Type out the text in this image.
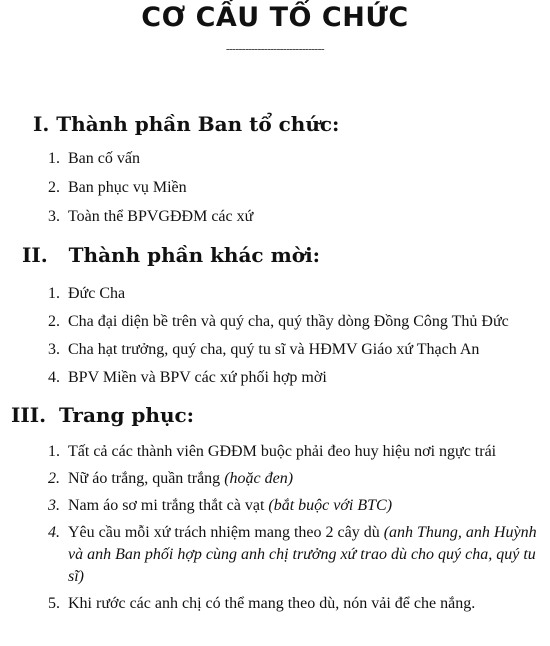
CƠ CẤU TỔ CHỨC
-------------------------------
I. Thành phần Ban tổ chức:
1. Ban cố vấn
2. Ban phục vụ Miền
3. Toàn thể BPVGĐĐM các xứ
II. Thành phần khác mời:
1. Đức Cha
2. Cha đại diện bề trên và quý cha, quý thầy dòng Đồng Công Thủ Đức
3. Cha hạt trưởng, quý cha, quý tu sĩ và HĐMV Giáo xứ Thạch An
4. BPV Miền và BPV các xứ phối hợp mời
III. Trang phục:
1. Tất cả các thành viên GĐĐM buộc phải đeo huy hiệu nơi ngực trái
2. Nữ áo trắng, quần trắng (hoặc đen)
3. Nam áo sơ mi trắng thắt cà vạt (bắt buộc với BTC)
4. Yêu cầu mỗi xứ trách nhiệm mang theo 2 cây dù (anh Thung, anh Huỳnh và anh Ban phối hợp cùng anh chị trưởng xứ trao dù cho quý cha, quý tu sĩ)
5. Khi rước các anh chị có thể mang theo dù, nón vải để che nắng.
